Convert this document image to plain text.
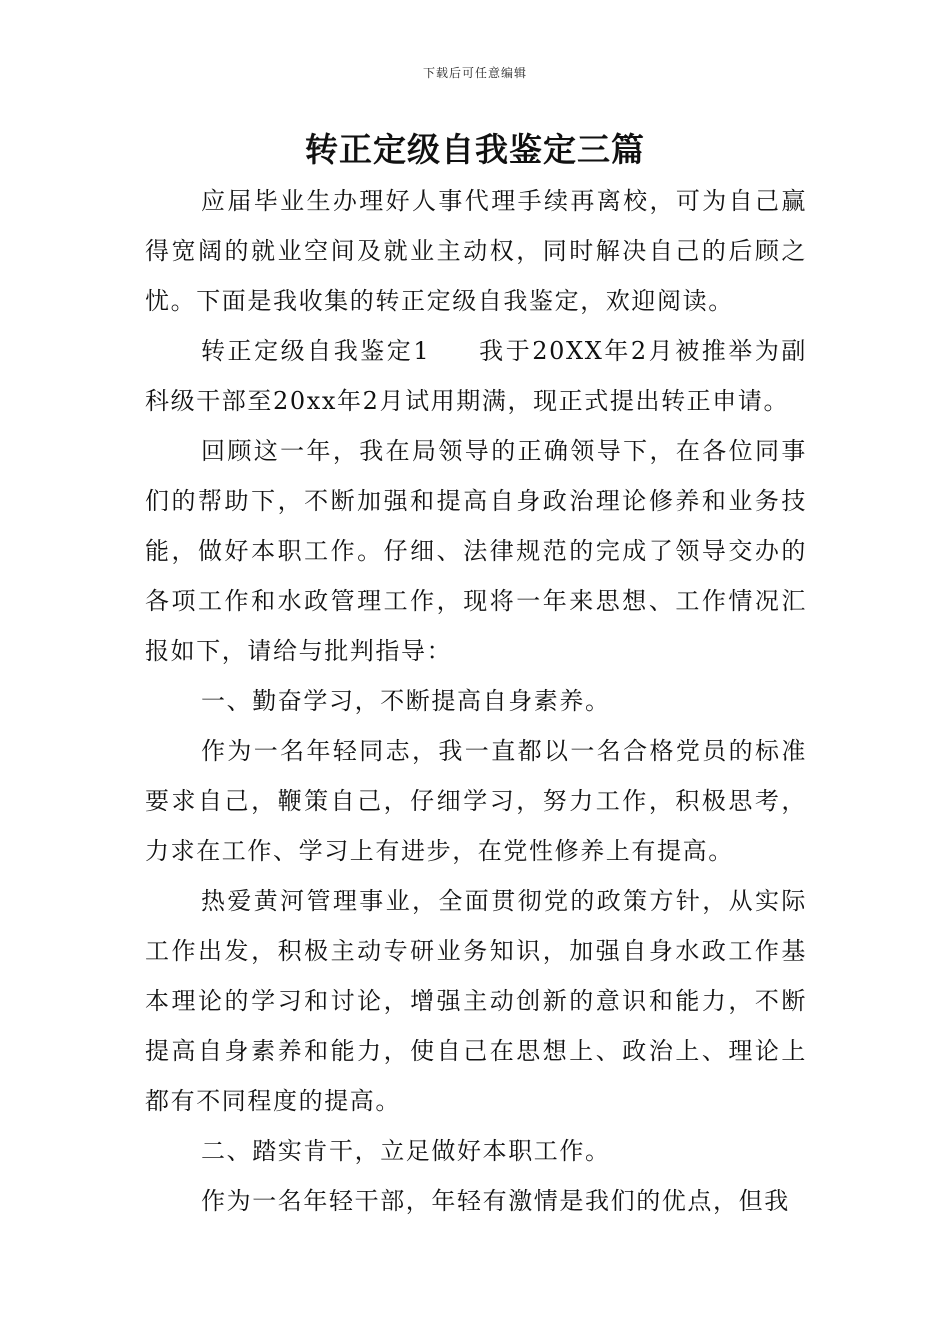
下载后可任意编辑
转正定级自我鉴定三篇

应届毕业生办理好人事代理手续再离校，可为自己赢得宽阔的就业空间及就业主动权，同时解决自己的后顾之忧。下面是我收集的转正定级自我鉴定，欢迎阅读。

转正定级自我鉴定1 我于20XX年2月被推举为副科级干部至20xx年2月试用期满，现正式提出转正申请。

回顾这一年，我在局领导的正确领导下，在各位同事们的帮助下，不断加强和提高自身政治理论修养和业务技能，做好本职工作。仔细、法律规范的完成了领导交办的各项工作和水政管理工作，现将一年来思想、工作情况汇报如下，请给与批判指导：

一、勤奋学习，不断提高自身素养。

作为一名年轻同志，我一直都以一名合格党员的标准要求自己，鞭策自己，仔细学习，努力工作，积极思考，力求在工作、学习上有进步，在党性修养上有提高。

热爱黄河管理事业，全面贯彻党的政策方针，从实际工作出发，积极主动专研业务知识，加强自身水政工作基本理论的学习和讨论，增强主动创新的意识和能力，不断提高自身素养和能力，使自己在思想上、政治上、理论上都有不同程度的提高。

二、踏实肯干，立足做好本职工作。

作为一名年轻干部，年轻有激情是我们的优点，但我
